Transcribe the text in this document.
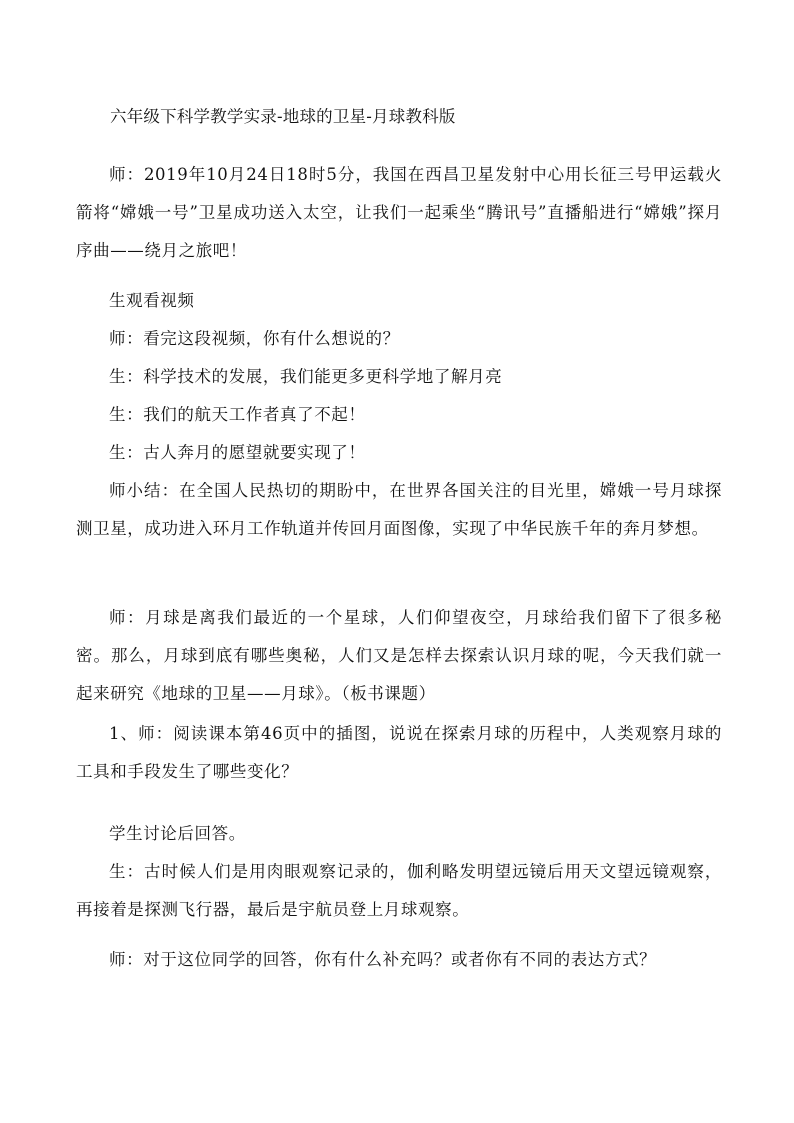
六年级下科学教学实录-地球的卫星-月球教科版

师：2019年10月24日18时5分，我国在西昌卫星发射中心用长征三号甲运载火箭将“嫦娥一号”卫星成功送入太空，让我们一起乘坐“腾讯号”直播船进行“嫦娥”探月序曲——绕月之旅吧！

生观看视频

师：看完这段视频，你有什么想说的？

生：科学技术的发展，我们能更多更科学地了解月亮

生：我们的航天工作者真了不起！

生：古人奔月的愿望就要实现了！

师小结：在全国人民热切的期盼中，在世界各国关注的目光里，嫦娥一号月球探测卫星，成功进入环月工作轨道并传回月面图像，实现了中华民族千年的奔月梦想。

师：月球是离我们最近的一个星球，人们仰望夜空，月球给我们留下了很多秘密。那么，月球到底有哪些奥秘，人们又是怎样去探索认识月球的呢，今天我们就一起来研究《地球的卫星——月球》。（板书课题）

1、师：阅读课本第46页中的插图，说说在探索月球的历程中，人类观察月球的工具和手段发生了哪些变化？

学生讨论后回答。

生：古时候人们是用肉眼观察记录的，伽利略发明望远镜后用天文望远镜观察，再接着是探测飞行器，最后是宇航员登上月球观察。

师：对于这位同学的回答，你有什么补充吗？或者你有不同的表达方式？
